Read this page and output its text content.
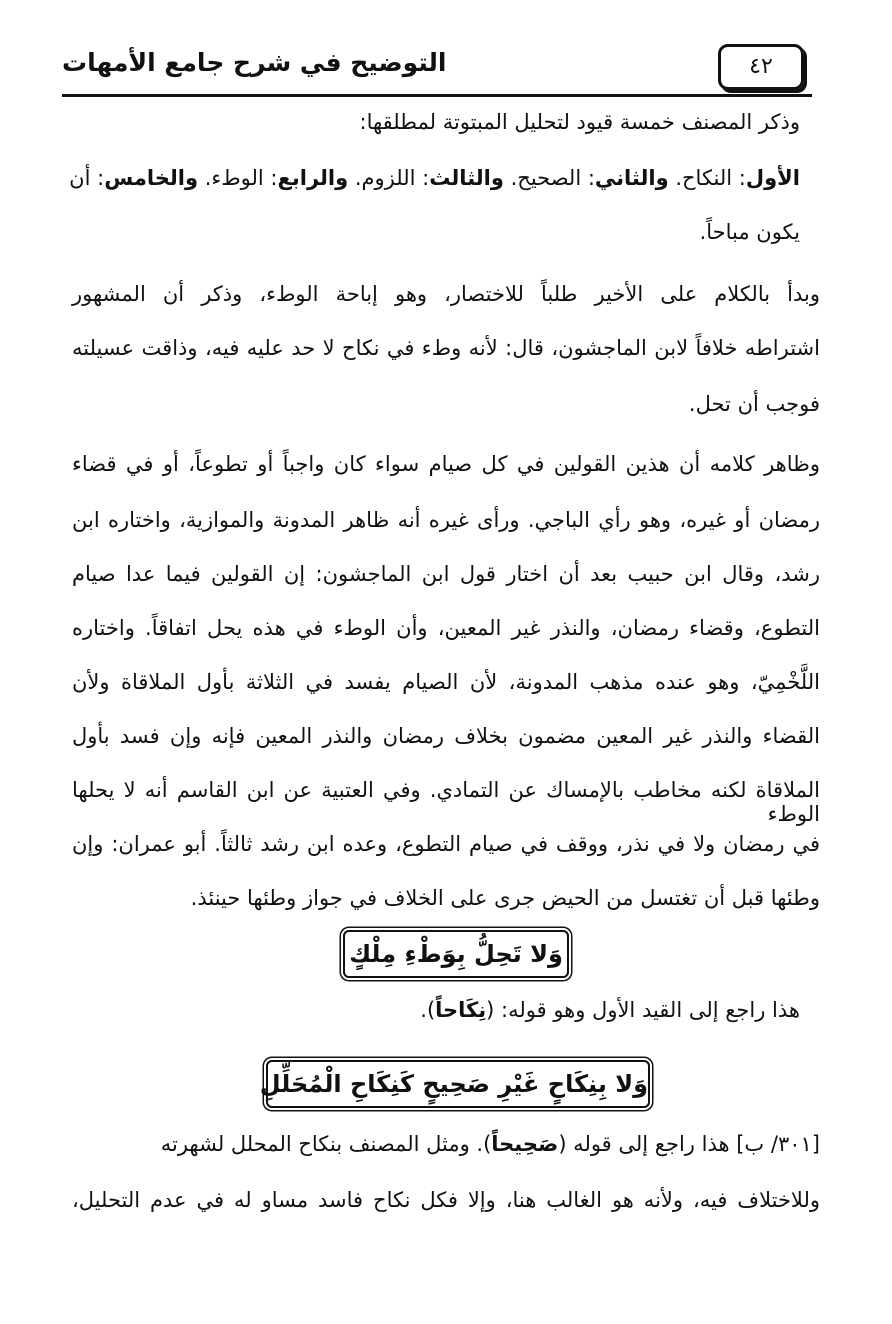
٤٢
التوضيح في شرح جامع الأمهات
وذكر المصنف خمسة قيود لتحليل المبتوتة لمطلقها:
الأول: النكاح. والثاني: الصحيح. والثالث: اللزوم. والرابع: الوطء. والخامس: أن
يكون مباحاً.
وبدأ بالكلام على الأخير طلباً للاختصار، وهو إباحة الوطء، وذكر أن المشهور
اشتراطه خلافاً لابن الماجشون، قال: لأنه وطء في نكاح لا حد عليه فيه، وذاقت عسيلته
فوجب أن تحل.
وظاهر كلامه أن هذين القولين في كل صيام سواء كان واجباً أو تطوعاً، أو في قضاء
رمضان أو غيره، وهو رأي الباجي. ورأى غيره أنه ظاهر المدونة والموازية، واختاره ابن
رشد، وقال ابن حبيب بعد أن اختار قول ابن الماجشون: إن القولين فيما عدا صيام
التطوع، وقضاء رمضان، والنذر غير المعين، وأن الوطء في هذه يحل اتفاقاً. واختاره
اللَّخْمِيّ، وهو عنده مذهب المدونة، لأن الصيام يفسد في الثلاثة بأول الملاقاة ولأن
القضاء والنذر غير المعين مضمون بخلاف رمضان والنذر المعين فإنه وإن فسد بأول
الملاقاة لكنه مخاطب بالإمساك عن التمادي. وفي العتبية عن ابن القاسم أنه لا يحلها الوطء
في رمضان ولا في نذر، ووقف في صيام التطوع، وعده ابن رشد ثالثاً. أبو عمران: وإن
وطئها قبل أن تغتسل من الحيض جرى على الخلاف في جواز وطئها حينئذ.
وَلا تَحِلُّ بِوَطْءِ مِلْكٍ
هذا راجع إلى القيد الأول وهو قوله: (نِكَاحاً).
وَلا بِنِكَاحٍ غَيْرِ صَحِيحٍ كَنِكَاحِ الْمُحَلِّلِ
[٣٠١/ ب] هذا راجع إلى قوله (صَحِيحاً). ومثل المصنف بنكاح المحلل لشهرته
وللاختلاف فيه، ولأنه هو الغالب هنا، وإلا فكل نكاح فاسد مساو له في عدم التحليل،
